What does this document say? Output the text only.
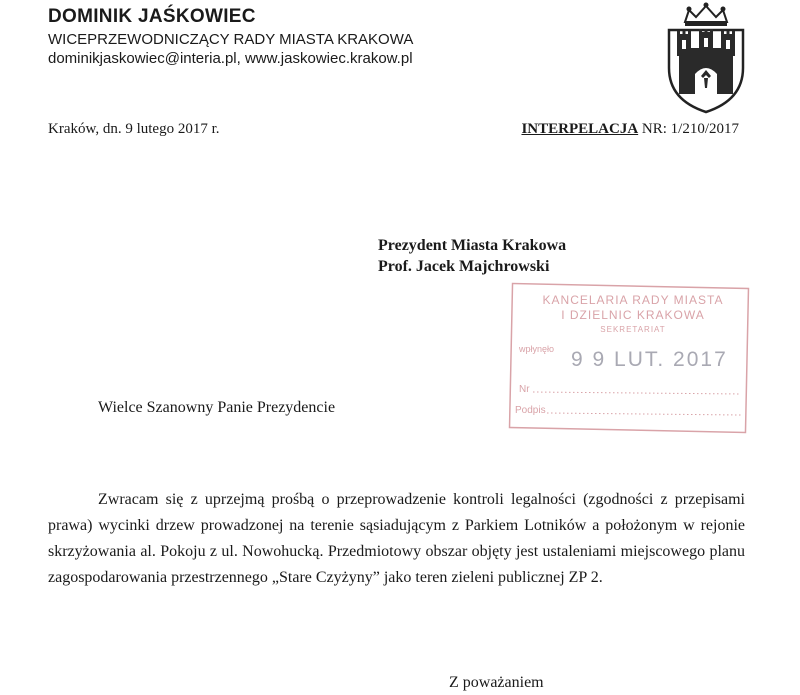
DOMINIK JAŚKOWIEC
WICEPRZEWODNICZĄCY RADY MIASTA KRAKOWA
dominikjaskowiec@interia.pl, www.jaskowiec.krakow.pl
Kraków, dn. 9 lutego 2017 r.	INTERPELACJA NR: 1/210/2017
Prezydent Miasta Krakowa
Prof. Jacek Majchrowski
KANCELARIA RADY MIASTA
I DZIELNIC KRAKOWA
SEKRETARIAT
wpłynęło 9 9 LUT. 2017
Nr
Podpis
Wielce Szanowny Panie Prezydencie
Zwracam się z uprzejmą prośbą o przeprowadzenie kontroli legalności (zgodności z przepisami prawa) wycinki drzew prowadzonej na terenie sąsiadującym z Parkiem Lotników a położonym w rejonie skrzyżowania al. Pokoju z ul. Nowohucką. Przedmiotowy obszar objęty jest ustaleniami miejscowego planu zagospodarowania przestrzennego „Stare Czyżyny” jako teren zieleni publicznej ZP 2.
Z poważaniem
